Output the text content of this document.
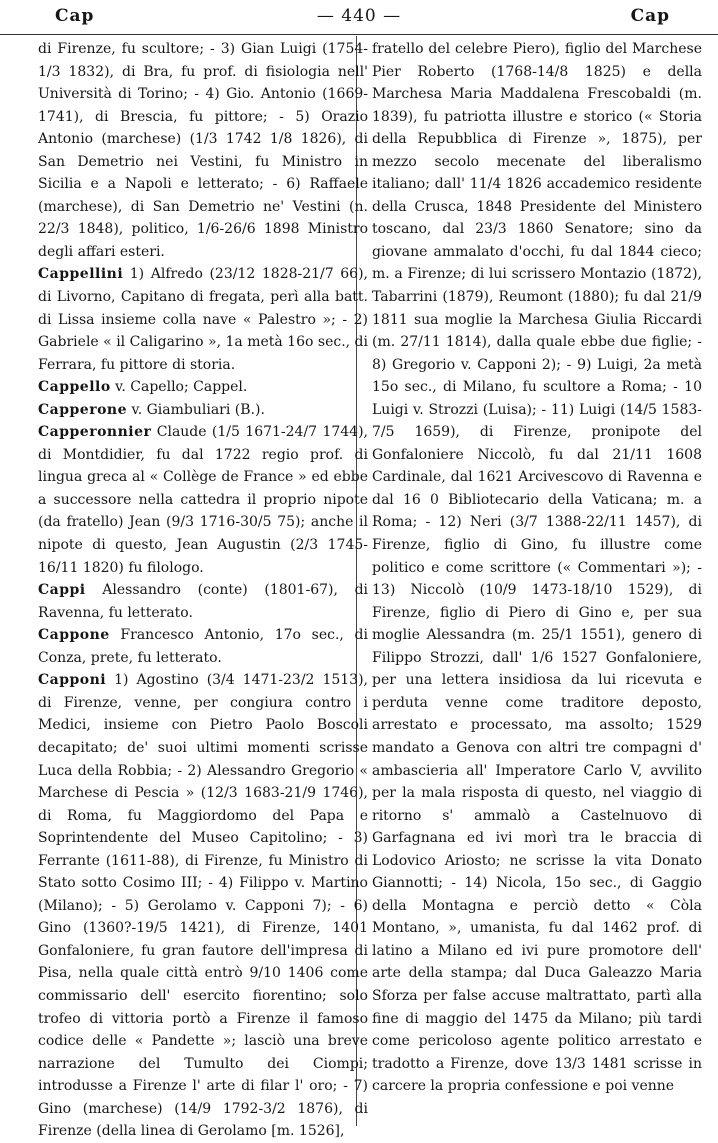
Cap	— 440 —	Cap

di Firenze, fu scultore; - 3) Gian Luigi (1754-1/3 1832), di Bra, fu prof. di fisiologia nell' Università di Torino; - 4) Gio. Antonio (1669-1741), di Brescia, fu pittore; - 5) Orazio Antonio (marchese) (1/3 1742 1/8 1826), di San Demetrio nei Vestini, fu Ministro in Sicilia e a Napoli e letterato; - 6) Raffaele (marchese), di San Demetrio ne' Vestini (n. 22/3 1848), politico, 1/6-26/6 1898 Ministro degli affari esteri.

Cappellini 1) Alfredo (23/12 1828-21/7 66), di Livorno, Capitano di fregata, perì alla batt. di Lissa insieme colla nave « Palestro »; - 2) Gabriele « il Caligarino », 1a metà 16o sec., di Ferrara, fu pittore di storia.

Cappello v. Capello; Cappel.

Capperone v. Giambuliari (B.).

Capperonnier Claude (1/5 1671-24/7 1744), di Montdidier, fu dal 1722 regio prof. di lingua greca al « Collège de France » ed ebbe a successore nella cattedra il proprio nipote (da fratello) Jean (9/3 1716-30/5 75); anche il nipote di questo, Jean Augustin (2/3 1745-16/11 1820) fu filologo.

Cappi Alessandro (conte) (1801-67), di Ravenna, fu letterato.

Cappone Francesco Antonio, 17o sec., di Conza, prete, fu letterato.

Capponi 1) Agostino (3/4 1471-23/2 1513), di Firenze, venne, per congiura contro i Medici, insieme con Pietro Paolo Boscoli decapitato; de' suoi ultimi momenti scrisse Luca della Robbia; - 2) Alessandro Gregorio « Marchese di Pescia » (12/3 1683-21/9 1746), di Roma, fu Maggiordomo del Papa e Soprintendente del Museo Capitolino; - 3) Ferrante (1611-88), di Firenze, fu Ministro di Stato sotto Cosimo III; - 4) Filippo v. Martino (Milano); - 5) Gerolamo v. Capponi 7); - 6) Gino (1360?-19/5 1421), di Firenze, 1401 Gonfaloniere, fu gran fautore dell'impresa di Pisa, nella quale città entrò 9/10 1406 come commissario dell' esercito fiorentino; solo trofeo di vittoria portò a Firenze il famoso codice delle « Pandette »; lasciò una breve narrazione del Tumulto dei Ciompi; introdusse a Firenze l' arte di filar l' oro; - 7) Gino (marchese) (14/9 1792-3/2 1876), di Firenze (della linea di Gerolamo [m. 1526],

fratello del celebre Piero), figlio del Marchese Pier Roberto (1768-14/8 1825) e della Marchesa Maria Maddalena Frescobaldi (m. 1839), fu patriotta illustre e storico (« Storia della Repubblica di Firenze », 1875), per mezzo secolo mecenate del liberalismo italiano; dall' 11/4 1826 accademico residente della Crusca, 1848 Presidente del Ministero toscano, dal 23/3 1860 Senatore; sino da giovane ammalato d'occhi, fu dal 1844 cieco; m. a Firenze; di lui scrissero Montazio (1872), Tabarrini (1879), Reumont (1880); fu dal 21/9 1811 sua moglie la Marchesa Giulia Riccardi (m. 27/11 1814), dalla quale ebbe due figlie; - 8) Gregorio v. Capponi 2); - 9) Luigi, 2a metà 15o sec., di Milano, fu scultore a Roma; - 10 Luigi v. Strozzi (Luisa); - 11) Luigi (14/5 1583-7/5 1659), di Firenze, pronipote del Gonfaloniere Niccolò, fu dal 21/11 1608 Cardinale, dal 1621 Arcivescovo di Ravenna e dal 16 0 Bibliotecario della Vaticana; m. a Roma; - 12) Neri (3/7 1388-22/11 1457), di Firenze, figlio di Gino, fu illustre come politico e come scrittore (« Commentari »); - 13) Niccolò (10/9 1473-18/10 1529), di Firenze, figlio di Piero di Gino e, per sua moglie Alessandra (m. 25/1 1551), genero di Filippo Strozzi, dall' 1/6 1527 Gonfaloniere, per una lettera insidiosa da lui ricevuta e perduta venne come traditore deposto, arrestato e processato, ma assolto; 1529 mandato a Genova con altri tre compagni d' ambascieria all' Imperatore Carlo V, avvilito per la mala risposta di questo, nel viaggio di ritorno s' ammalò a Castelnuovo di Garfagnana ed ivi morì tra le braccia di Lodovico Ariosto; ne scrisse la vita Donato Giannotti; - 14) Nicola, 15o sec., di Gaggio della Montagna e perciò detto « Còla Montano, », umanista, fu dal 1462 prof. di latino a Milano ed ivi pure promotore dell' arte della stampa; dal Duca Galeazzo Maria Sforza per false accuse maltrattato, partì alla fine di maggio del 1475 da Milano; più tardi come pericoloso agente politico arrestato e tradotto a Firenze, dove 13/3 1481 scrisse in carcere la propria confessione e poi venne
